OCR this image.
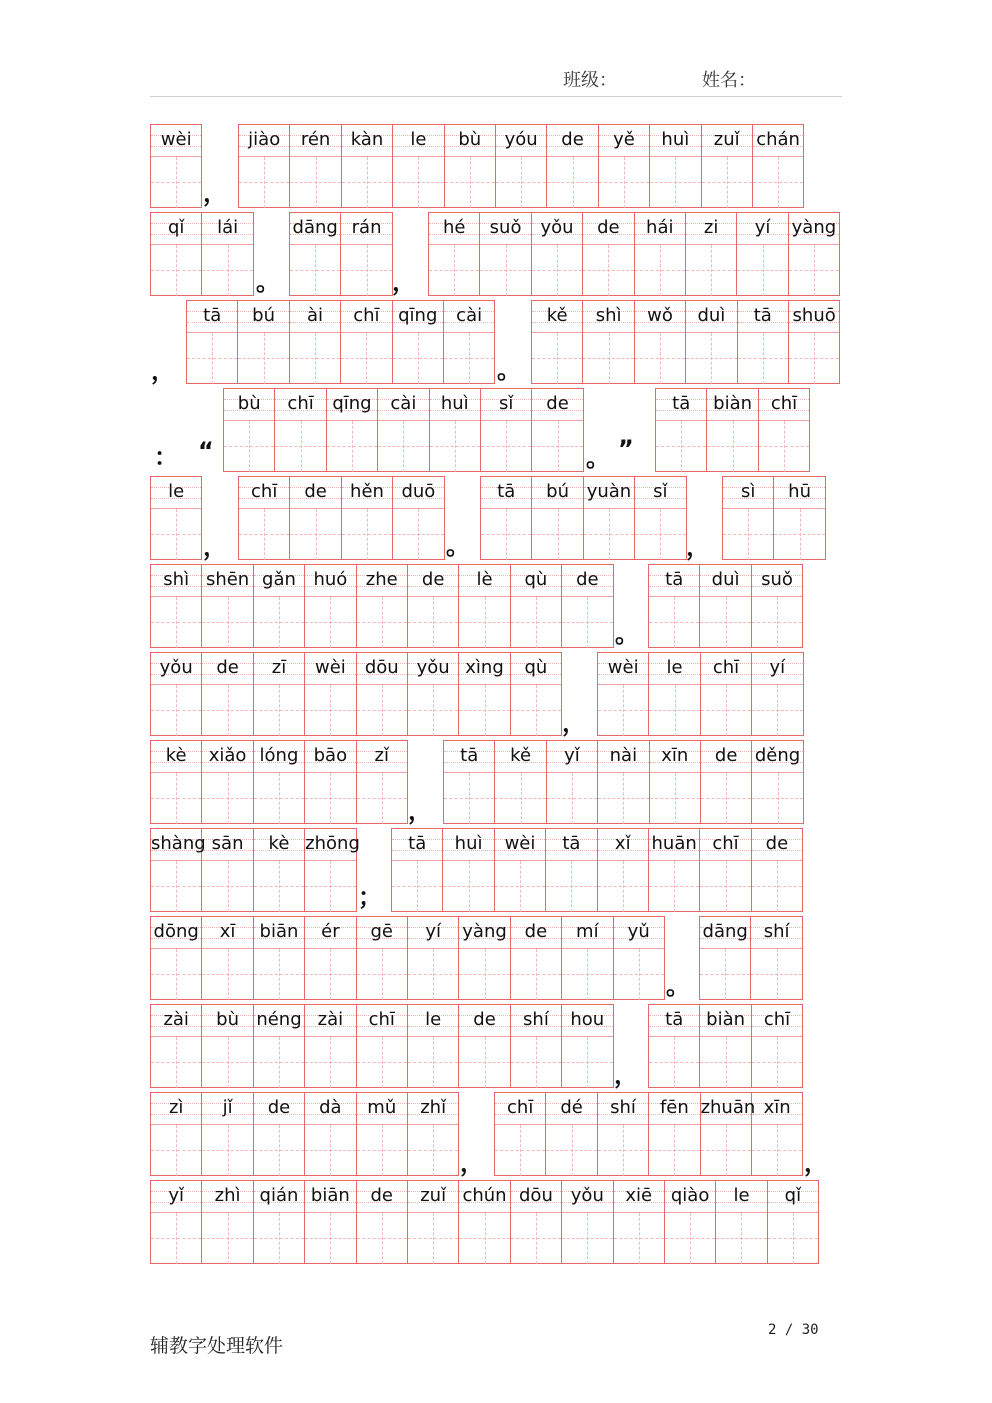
班级：	姓名：
wèi
，
jiào	rén	kàn	le	bù	yóu	de	yě	huì	zuǐ chán
qǐ	lái
。
dāng rán
，
hé	suǒ	yǒu	de	hái	zi	yí	yàng
，
tā	bú	ài	chī	qīng	cài
。
kě	shì	wǒ	duì	tā	shuō
： “
bù	chī	qīng	cài	huì	sǐ	de
。 ”
tā	biàn	chī
le
，
chī	de	hěn duō
。
tā	bú yuàn	sǐ
，
sì	hū
shì shēn gǎn huó	zhe	de	lè	qù	de
。
tā	duì	suǒ
yǒu	de	zī	wèi	dōu yǒu xìng	qù
，
wèi	le	chī	yí
kè	xiǎo lóng bāo	zǐ
，
tā	kě	yǐ	nài	xīn	de děng
shàng sān	kè zhōng
；
tā	huì	wèi	tā	xǐ	huān chī	de
dōng	xī	biān	ér	gē	yí	yàng de	mí	yǔ
。
dāng shí
zài	bù néng zài	chī	le	de	shí	hou
，
tā	biàn	chī
zì	jǐ	de	dà	mǔ	zhǐ
，
chī	dé	shí	fēn zhuān xīn
，
yǐ	zhì	qián biān	de	zuǐ chún dōu yǒu	xiē	qiào	le	qǐ
辅教字处理软件
2 / 30
